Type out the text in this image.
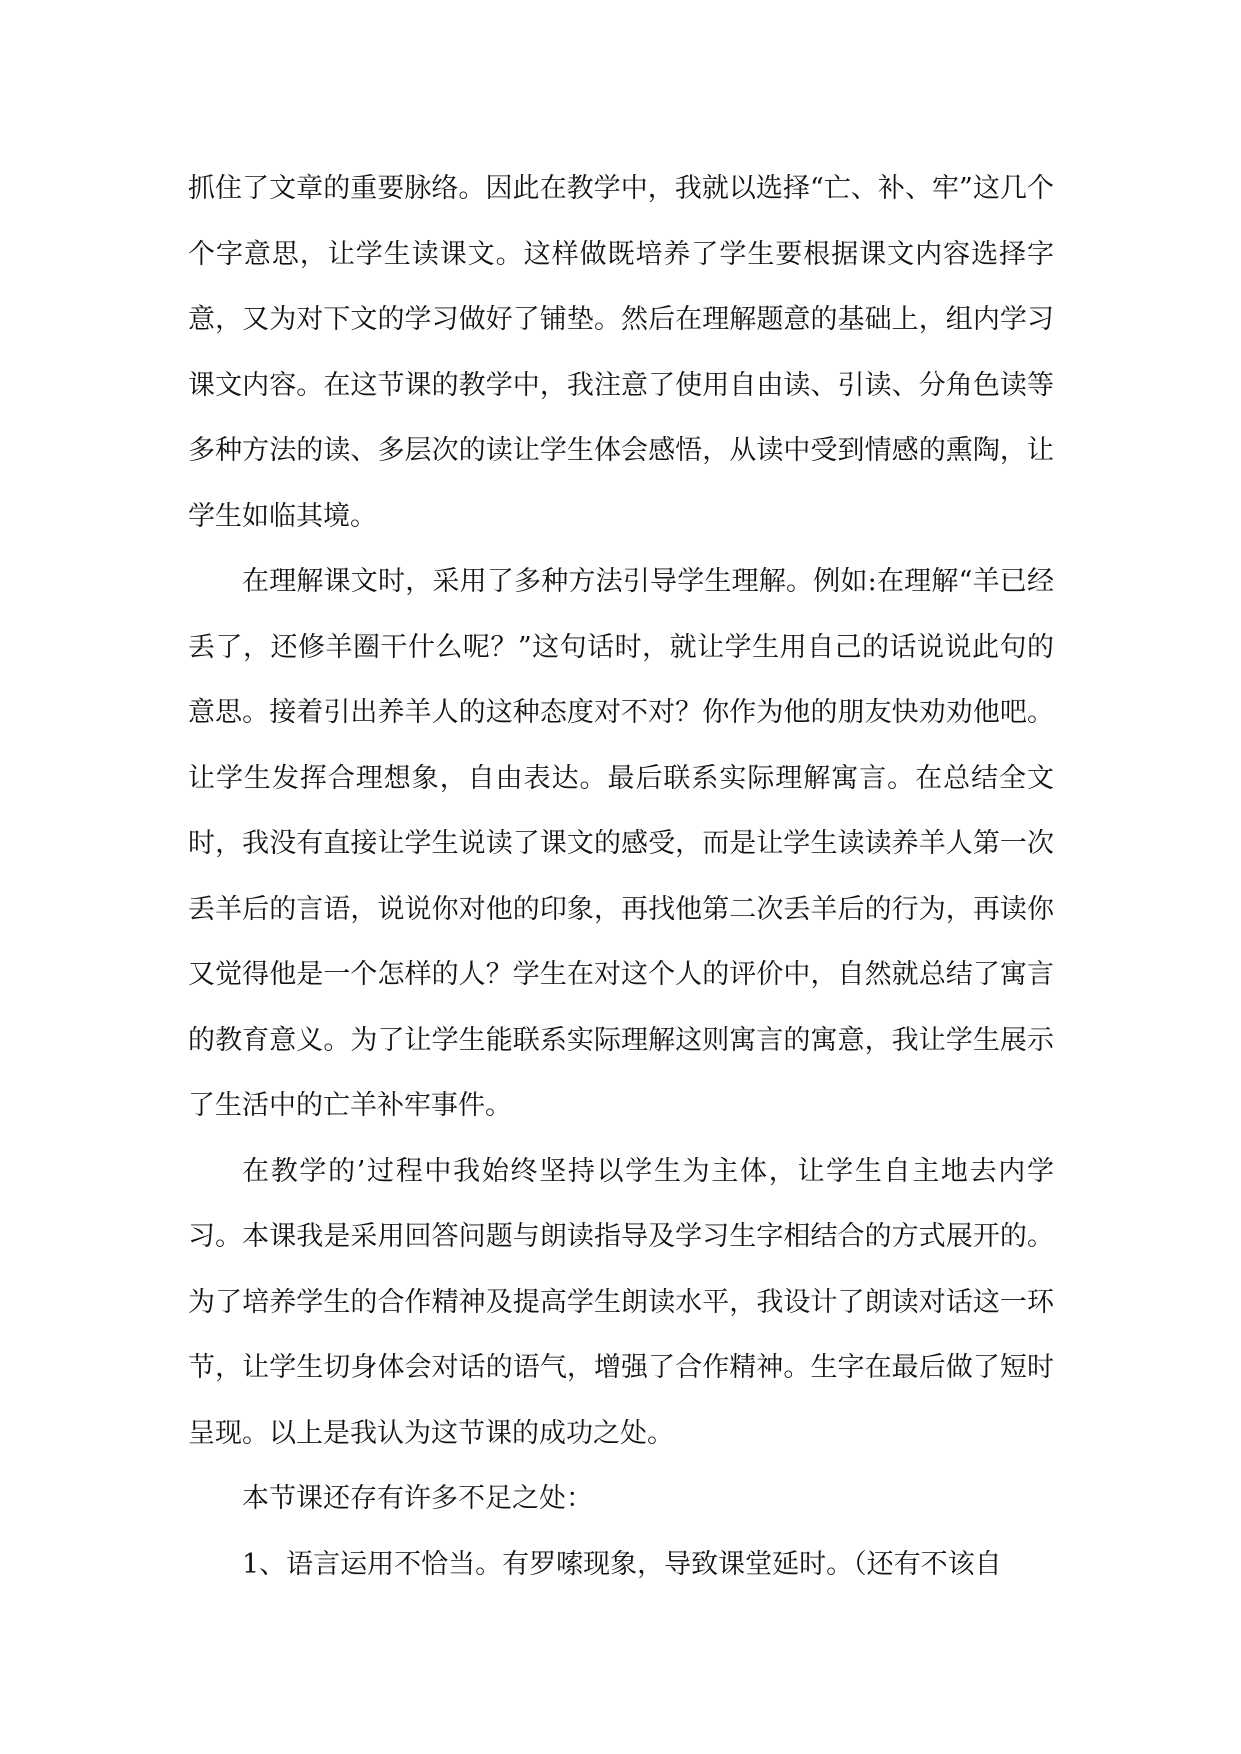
抓住了文章的重要脉络。因此在教学中，我就以选择“亡、补、牢”这几个个字意思，让学生读课文。这样做既培养了学生要根据课文内容选择字意，又为对下文的学习做好了铺垫。然后在理解题意的基础上，组内学习课文内容。在这节课的教学中，我注意了使用自由读、引读、分角色读等多种方法的读、多层次的读让学生体会感悟，从读中受到情感的熏陶，让学生如临其境。

在理解课文时，采用了多种方法引导学生理解。例如:在理解“羊已经丢了，还修羊圈干什么呢？”这句话时，就让学生用自己的话说说此句的意思。接着引出养羊人的这种态度对不对？你作为他的朋友快劝劝他吧。让学生发挥合理想象，自由表达。最后联系实际理解寓言。在总结全文时，我没有直接让学生说读了课文的感受，而是让学生读读养羊人第一次丢羊后的言语，说说你对他的印象，再找他第二次丢羊后的行为，再读你又觉得他是一个怎样的人？学生在对这个人的评价中，自然就总结了寓言的教育意义。为了让学生能联系实际理解这则寓言的寓意，我让学生展示了生活中的亡羊补牢事件。

在教学的’过程中我始终坚持以学生为主体，让学生自主地去内学习。本课我是采用回答问题与朗读指导及学习生字相结合的方式展开的。为了培养学生的合作精神及提高学生朗读水平，我设计了朗读对话这一环节，让学生切身体会对话的语气，增强了合作精神。生字在最后做了短时呈现。以上是我认为这节课的成功之处。

本节课还存有许多不足之处：

1、语言运用不恰当。有罗嗦现象，导致课堂延时。（还有不该自
